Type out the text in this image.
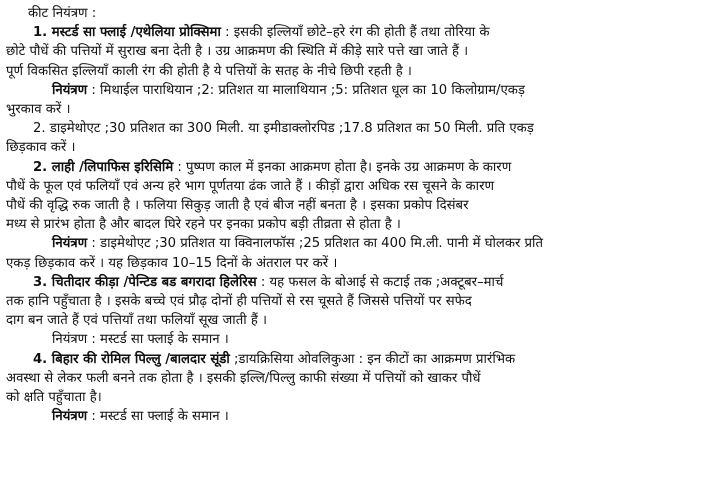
कीट नियंत्रण :
1. मस्टर्ड सा फ्लाई /एथेलिया प्रोक्सिमा : इसकी इल्लियाँ छोटे–हरे रंग की होती हैं तथा तोरिया के
छोटे पौधें की पत्तियों में सुराख बना देती है । उग्र आक्रमण की स्थिति में कीड़े सारे पत्ते खा जाते हैं ।
पूर्ण विकसित इल्लियाँ काली रंग की होती है ये पत्तियों के सतह के नीचे छिपी रहती है ।
नियंत्रण : मिथाईल पाराथियान ;2: प्रतिशत या मालाथियान ;5: प्रतिशत धूल का 10 किलोग्राम/एकड़
भुरकाव करें ।
2. डाइमेथोएट ;30 प्रतिशत का 300 मिली. या इमीडाक्लोरपिड ;17.8 प्रतिशत का 50 मिली. प्रति एकड़
छिड़काव करें ।
2. लाही /लिपाफिस इरिसिमि : पुष्पण काल में इनका आक्रमण होता है। इनके उग्र आक्रमण के कारण
पौधें के फूल एवं फलियाँ एवं अन्य हरे भाग पूर्णतया ढंक जाते हैं । कीड़ों द्वारा अधिक रस चूसने के कारण
पौधें की वृद्धि रुक जाती है । फलिया सिकुड़ जाती है एवं बीज नहीं बनता है । इसका प्रकोप दिसंबर
मध्य से प्रारंभ होता है और बादल घिरे रहने पर इनका प्रकोप बड़ी तीव्रता से होता है ।
नियंत्रण : डाइमेथोएट ;30 प्रतिशत या क्विनालफॉस ;25 प्रतिशत का 400 मि.ली. पानी में घोलकर प्रति
एकड़ छिड़काव करें । यह छिड़काव 10–15 दिनों के अंतराल पर करें ।
3. चितीदार कीड़ा /पेन्टिड बड बगरादा हिलेरिस : यह फसल के बोआई से कटाई तक ;अक्टूबर–मार्च
तक हानि पहुँचाता है । इसके बच्चे एवं प्रौढ़ दोनों ही पत्तियों से रस चूसते हैं जिससे पत्तियों पर सफेद
दाग बन जाते हैं एवं पत्तियाँ तथा फलियाँ सूख जाती हैं ।
नियंत्रण : मस्टर्ड सा फ्लाई के समान ।
4. बिहार की रोमिल पिल्लु /बालदार सूंडी ;डायक्रिसिया ओवलिकुआ : इन कीटों का आक्रमण प्रारंभिक
अवस्था से लेकर फली बनने तक होता है । इसकी इल्लि/पिल्लु काफी संख्या में पत्तियों को खाकर पौधें
को क्षति पहुँचाता है।
नियंत्रण : मस्टर्ड सा फ्लाई के समान ।
